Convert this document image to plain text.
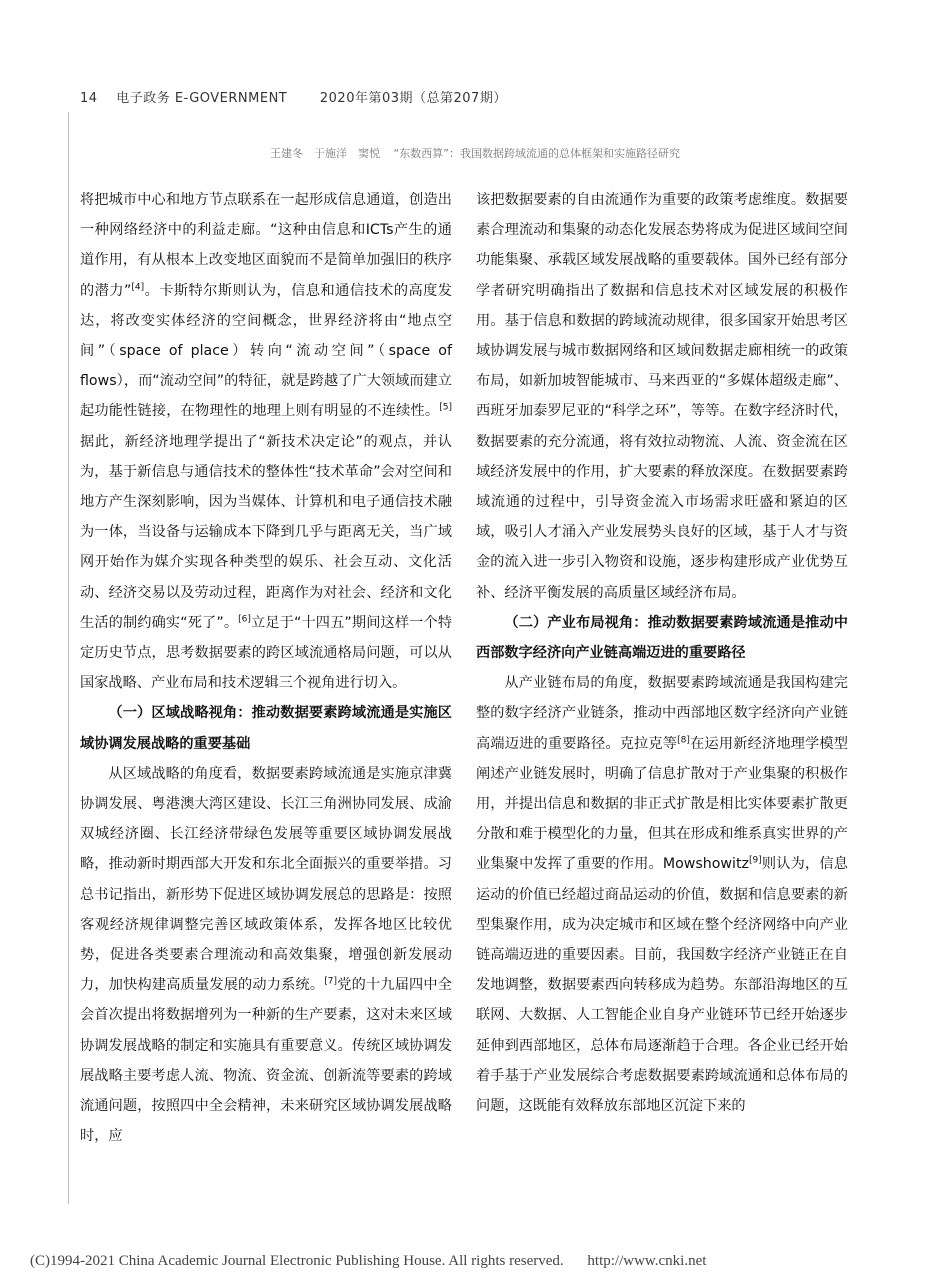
14 电子政务 E-GOVERNMENT	2020年第03期（总第207期）
王建冬　于施洋　窦悦 “东数西算”：我国数据跨域流通的总体框架和实施路径研究

将把城市中心和地方节点联系在一起形成信息通道，创造出一种网络经济中的利益走廊。“这种由信息和ICTs产生的通道作用，有从根本上改变地区面貌而不是简单加强旧的秩序的潜力”[4]。卡斯特尔斯则认为，信息和通信技术的高度发达，将改变实体经济的空间概念，世界经济将由“地点空间”（space of place）转向“流动空间”（space of flows），而“流动空间”的特征，就是跨越了广大领域而建立起功能性链接，在物理性的地理上则有明显的不连续性。[5]据此，新经济地理学提出了“新技术决定论”的观点，并认为，基于新信息与通信技术的整体性“技术革命”会对空间和地方产生深刻影响，因为当媒体、计算机和电子通信技术融为一体，当设备与运输成本下降到几乎与距离无关，当广域网开始作为媒介实现各种类型的娱乐、社会互动、文化活动、经济交易以及劳动过程，距离作为对社会、经济和文化生活的制约确实“死了”。[6]立足于“十四五”期间这样一个特定历史节点，思考数据要素的跨区域流通格局问题，可以从国家战略、产业布局和技术逻辑三个视角进行切入。

（一）区域战略视角：推动数据要素跨域流通是实施区域协调发展战略的重要基础

从区域战略的角度看，数据要素跨域流通是实施京津冀协调发展、粤港澳大湾区建设、长江三角洲协同发展、成渝双城经济圈、长江经济带绿色发展等重要区域协调发展战略，推动新时期西部大开发和东北全面振兴的重要举措。习总书记指出，新形势下促进区域协调发展总的思路是：按照客观经济规律调整完善区域政策体系，发挥各地区比较优势，促进各类要素合理流动和高效集聚，增强创新发展动力，加快构建高质量发展的动力系统。[7]党的十九届四中全会首次提出将数据增列为一种新的生产要素，这对未来区域协调发展战略的制定和实施具有重要意义。传统区域协调发展战略主要考虑人流、物流、资金流、创新流等要素的跨域流通问题，按照四中全会精神，未来研究区域协调发展战略时，应

该把数据要素的自由流通作为重要的政策考虑维度。数据要素合理流动和集聚的动态化发展态势将成为促进区域间空间功能集聚、承载区域发展战略的重要载体。国外已经有部分学者研究明确指出了数据和信息技术对区域发展的积极作用。基于信息和数据的跨域流动规律，很多国家开始思考区域协调发展与城市数据网络和区域间数据走廊相统一的政策布局，如新加坡智能城市、马来西亚的“多媒体超级走廊”、西班牙加泰罗尼亚的“科学之环”，等等。在数字经济时代，数据要素的充分流通，将有效拉动物流、人流、资金流在区域经济发展中的作用，扩大要素的释放深度。在数据要素跨域流通的过程中，引导资金流入市场需求旺盛和紧迫的区域，吸引人才涌入产业发展势头良好的区域，基于人才与资金的流入进一步引入物资和设施，逐步构建形成产业优势互补、经济平衡发展的高质量区域经济布局。

（二）产业布局视角：推动数据要素跨域流通是推动中西部数字经济向产业链高端迈进的重要路径

从产业链布局的角度，数据要素跨域流通是我国构建完整的数字经济产业链条，推动中西部地区数字经济向产业链高端迈进的重要路径。克拉克等[8]在运用新经济地理学模型阐述产业链发展时，明确了信息扩散对于产业集聚的积极作用，并提出信息和数据的非正式扩散是相比实体要素扩散更分散和难于模型化的力量，但其在形成和维系真实世界的产业集聚中发挥了重要的作用。Mowshowitz[9]则认为，信息运动的价值已经超过商品运动的价值，数据和信息要素的新型集聚作用，成为决定城市和区域在整个经济网络中向产业链高端迈进的重要因素。目前，我国数字经济产业链正在自发地调整，数据要素西向转移成为趋势。东部沿海地区的互联网、大数据、人工智能企业自身产业链环节已经开始逐步延伸到西部地区，总体布局逐渐趋于合理。各企业已经开始着手基于产业发展综合考虑数据要素跨域流通和总体布局的问题，这既能有效释放东部地区沉淀下来的

(C)1994-2021 China Academic Journal Electronic Publishing House. All rights reserved. http://www.cnki.net
